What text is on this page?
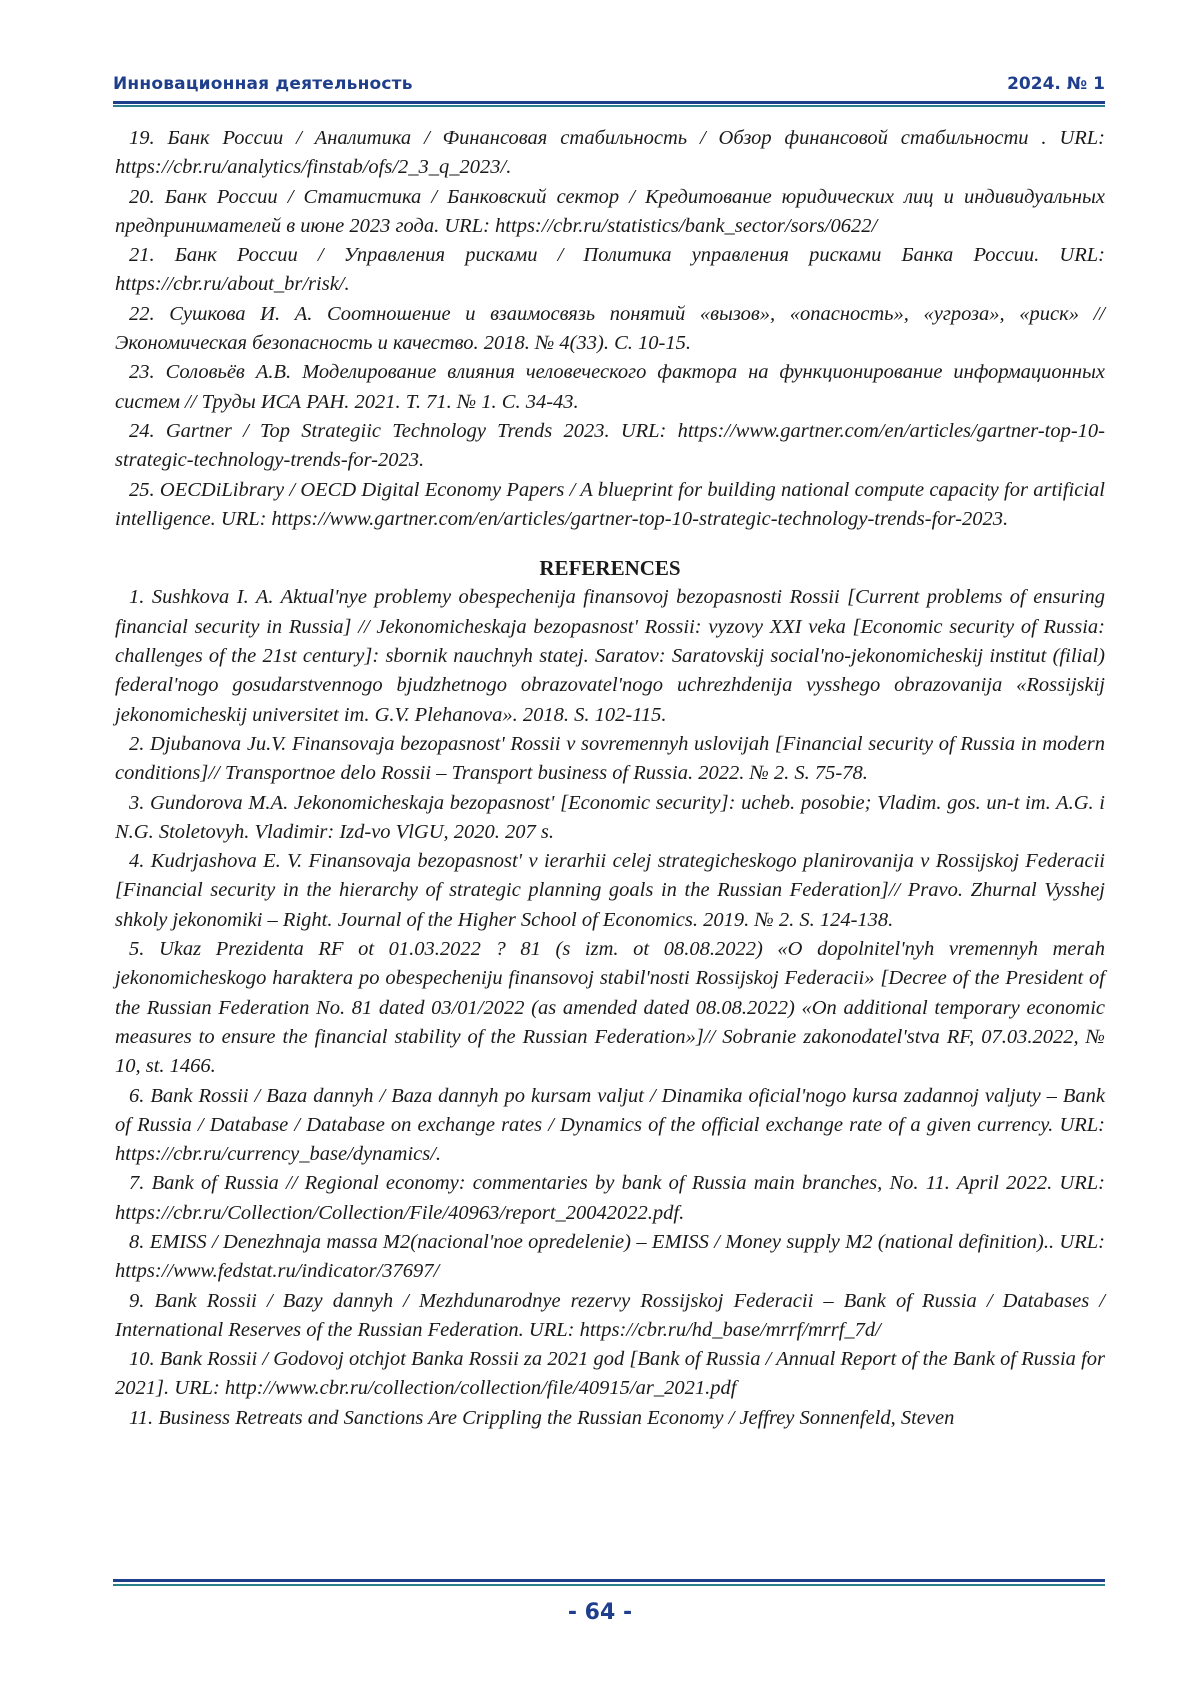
Инновационная деятельность	2024. № 1

19. Банк России / Аналитика / Финансовая стабильность / Обзор финансовой стабильности . URL: https://cbr.ru/analytics/finstab/ofs/2_3_q_2023/.

20. Банк России / Статистика / Банковский сектор / Кредитование юридических лиц и индивидуальных предпринимателей в июне 2023 года. URL: https://cbr.ru/statistics/bank_sector/sors/0622/

21. Банк России / Управления рисками / Политика управления рисками Банка России. URL: https://cbr.ru/about_br/risk/.

22. Сушкова И. А. Соотношение и взаимосвязь понятий «вызов», «опасность», «угроза», «риск» // Экономическая безопасность и качество. 2018. № 4(33). С. 10-15.

23. Соловьёв А.В. Моделирование влияния человеческого фактора на функционирование информационных систем // Труды ИСА РАН. 2021. Т. 71. № 1. С. 34-43.

24. Gartner / Top Strategiic Technology Trends 2023. URL: https://www.gartner.com/en/articles/gartner-top-10-strategic-technology-trends-for-2023.

25. OECDiLibrary / OECD Digital Economy Papers / A blueprint for building national compute capacity for artificial intelligence. URL: https://www.gartner.com/en/articles/gartner-top-10-strategic-technology-trends-for-2023.

REFERENCES

1. Sushkova I. A. Aktual'nye problemy obespechenija finansovoj bezopasnosti Rossii [Current problems of ensuring financial security in Russia] // Jekonomicheskaja bezopasnost' Rossii: vyzovy XXI veka [Economic security of Russia: challenges of the 21st century]: sbornik nauchnyh statej. Saratov: Saratovskij social'no-jekonomicheskij institut (filial) federal'nogo gosudarstvennogo bjudzhetnogo obrazovatel'nogo uchrezhdenija vysshego obrazovanija «Rossijskij jekonomicheskij universitet im. G.V. Plehanova». 2018. S. 102-115.

2. Djubanova Ju.V. Finansovaja bezopasnost' Rossii v sovremennyh uslovijah [Financial security of Russia in modern conditions]// Transportnoe delo Rossii – Transport business of Russia. 2022. № 2. S. 75-78.

3. Gundorova M.A. Jekonomicheskaja bezopasnost' [Economic security]: ucheb. posobie; Vladim. gos. un-t im. A.G. i N.G. Stoletovyh. Vladimir: Izd-vo VlGU, 2020. 207 s.

4. Kudrjashova E. V. Finansovaja bezopasnost' v ierarhii celej strategicheskogo planirovanija v Rossijskoj Federacii [Financial security in the hierarchy of strategic planning goals in the Russian Federation]// Pravo. Zhurnal Vysshej shkoly jekonomiki – Right. Journal of the Higher School of Economics. 2019. № 2. S. 124-138.

5. Ukaz Prezidenta RF ot 01.03.2022 ? 81 (s izm. ot 08.08.2022) «O dopolnitel'nyh vremennyh merah jekonomicheskogo haraktera po obespecheniju finansovoj stabil'nosti Rossijskoj Federacii» [Decree of the President of the Russian Federation No. 81 dated 03/01/2022 (as amended dated 08.08.2022) «On additional temporary economic measures to ensure the financial stability of the Russian Federation»]// Sobranie zakonodatel'stva RF, 07.03.2022, № 10, st. 1466.

6. Bank Rossii / Baza dannyh / Baza dannyh po kursam valjut / Dinamika oficial'nogo kursa zadannoj valjuty – Bank of Russia / Database / Database on exchange rates / Dynamics of the official exchange rate of a given currency. URL: https://cbr.ru/currency_base/dynamics/.

7. Bank of Russia // Regional economy: commentaries by bank of Russia main branches, No. 11. April 2022. URL: https://cbr.ru/Collection/Collection/File/40963/report_20042022.pdf.

8. EMISS / Denezhnaja massa M2(nacional'noe opredelenie) – EMISS / Money supply M2 (national definition).. URL: https://www.fedstat.ru/indicator/37697/

9. Bank Rossii / Bazy dannyh / Mezhdunarodnye rezervy Rossijskoj Federacii – Bank of Russia / Databases / International Reserves of the Russian Federation. URL: https://cbr.ru/hd_base/mrrf/mrrf_7d/

10. Bank Rossii / Godovoj otchjot Banka Rossii za 2021 god [Bank of Russia / Annual Report of the Bank of Russia for 2021]. URL: http://www.cbr.ru/collection/collection/file/40915/ar_2021.pdf

11. Business Retreats and Sanctions Are Crippling the Russian Economy / Jeffrey Sonnenfeld, Steven

- 64 -
